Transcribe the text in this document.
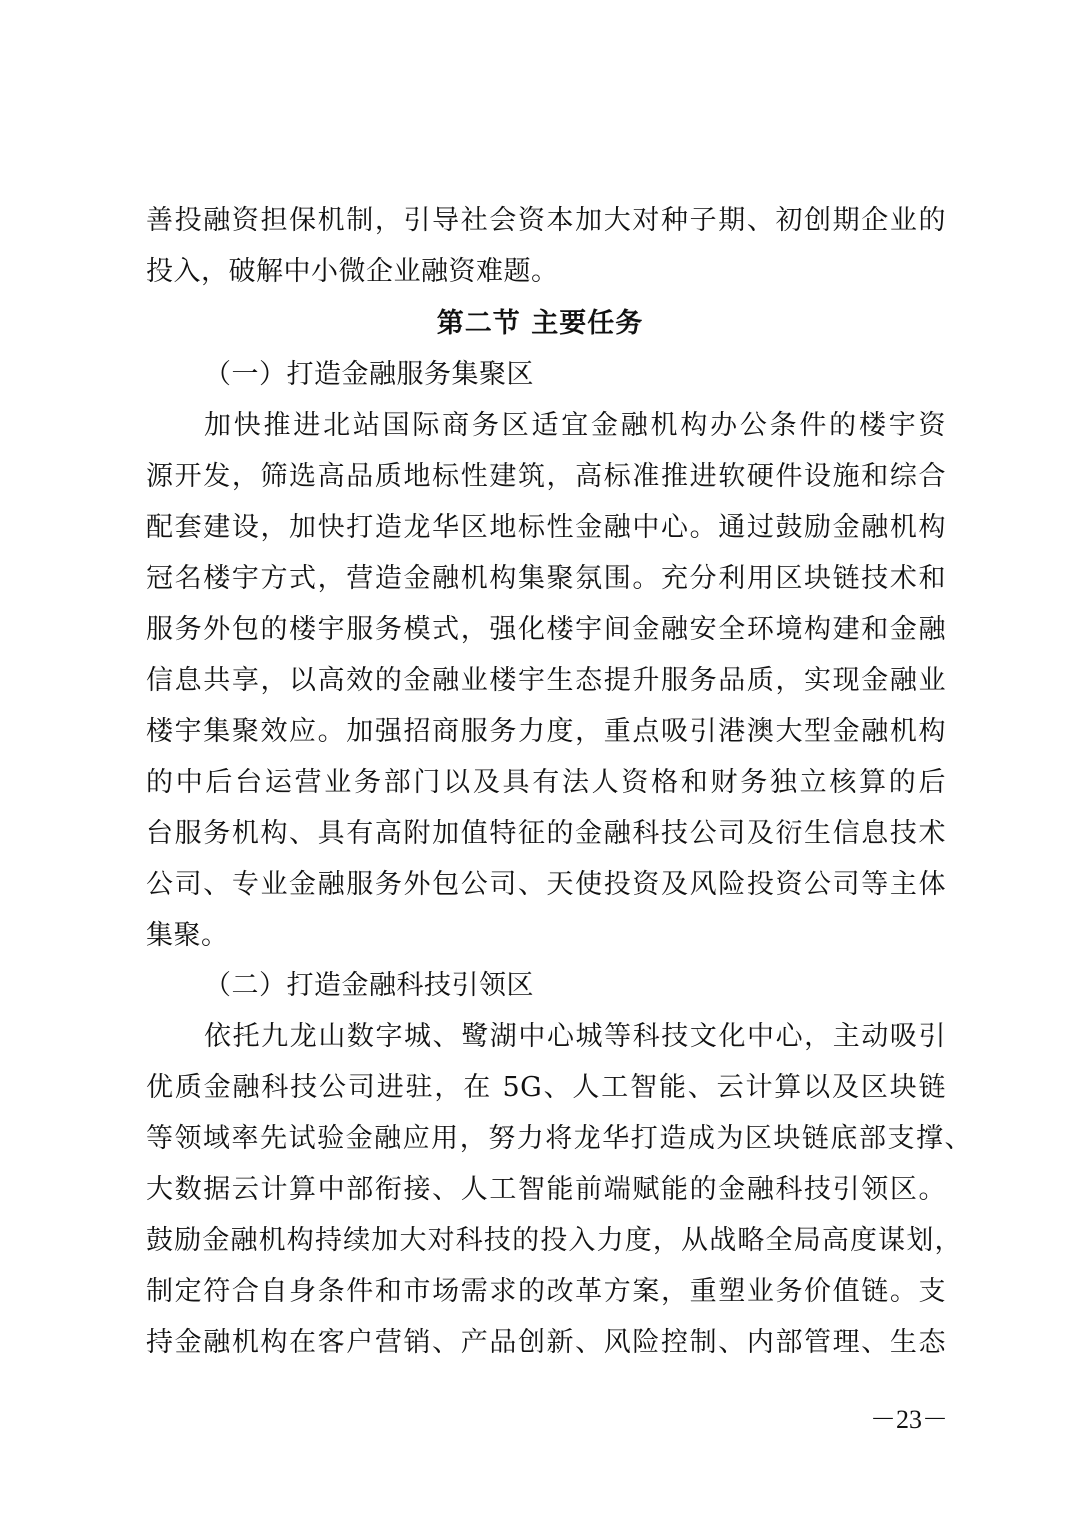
善投融资担保机制，引导社会资本加大对种子期、初创期企业的
投入，破解中小微企业融资难题。
第二节 主要任务
（一）打造金融服务集聚区
加快推进北站国际商务区适宜金融机构办公条件的楼宇资
源开发，筛选高品质地标性建筑，高标准推进软硬件设施和综合
配套建设，加快打造龙华区地标性金融中心。通过鼓励金融机构
冠名楼宇方式，营造金融机构集聚氛围。充分利用区块链技术和
服务外包的楼宇服务模式，强化楼宇间金融安全环境构建和金融
信息共享，以高效的金融业楼宇生态提升服务品质，实现金融业
楼宇集聚效应。加强招商服务力度，重点吸引港澳大型金融机构
的中后台运营业务部门以及具有法人资格和财务独立核算的后
台服务机构、具有高附加值特征的金融科技公司及衍生信息技术
公司、专业金融服务外包公司、天使投资及风险投资公司等主体
集聚。
（二）打造金融科技引领区
依托九龙山数字城、鹭湖中心城等科技文化中心，主动吸引
优质金融科技公司进驻，在 5G、人工智能、云计算以及区块链
等领域率先试验金融应用，努力将龙华打造成为区块链底部支撑、
大数据云计算中部衔接、人工智能前端赋能的金融科技引领区。
鼓励金融机构持续加大对科技的投入力度，从战略全局高度谋划，
制定符合自身条件和市场需求的改革方案，重塑业务价值链。支
持金融机构在客户营销、产品创新、风险控制、内部管理、生态
－23－
